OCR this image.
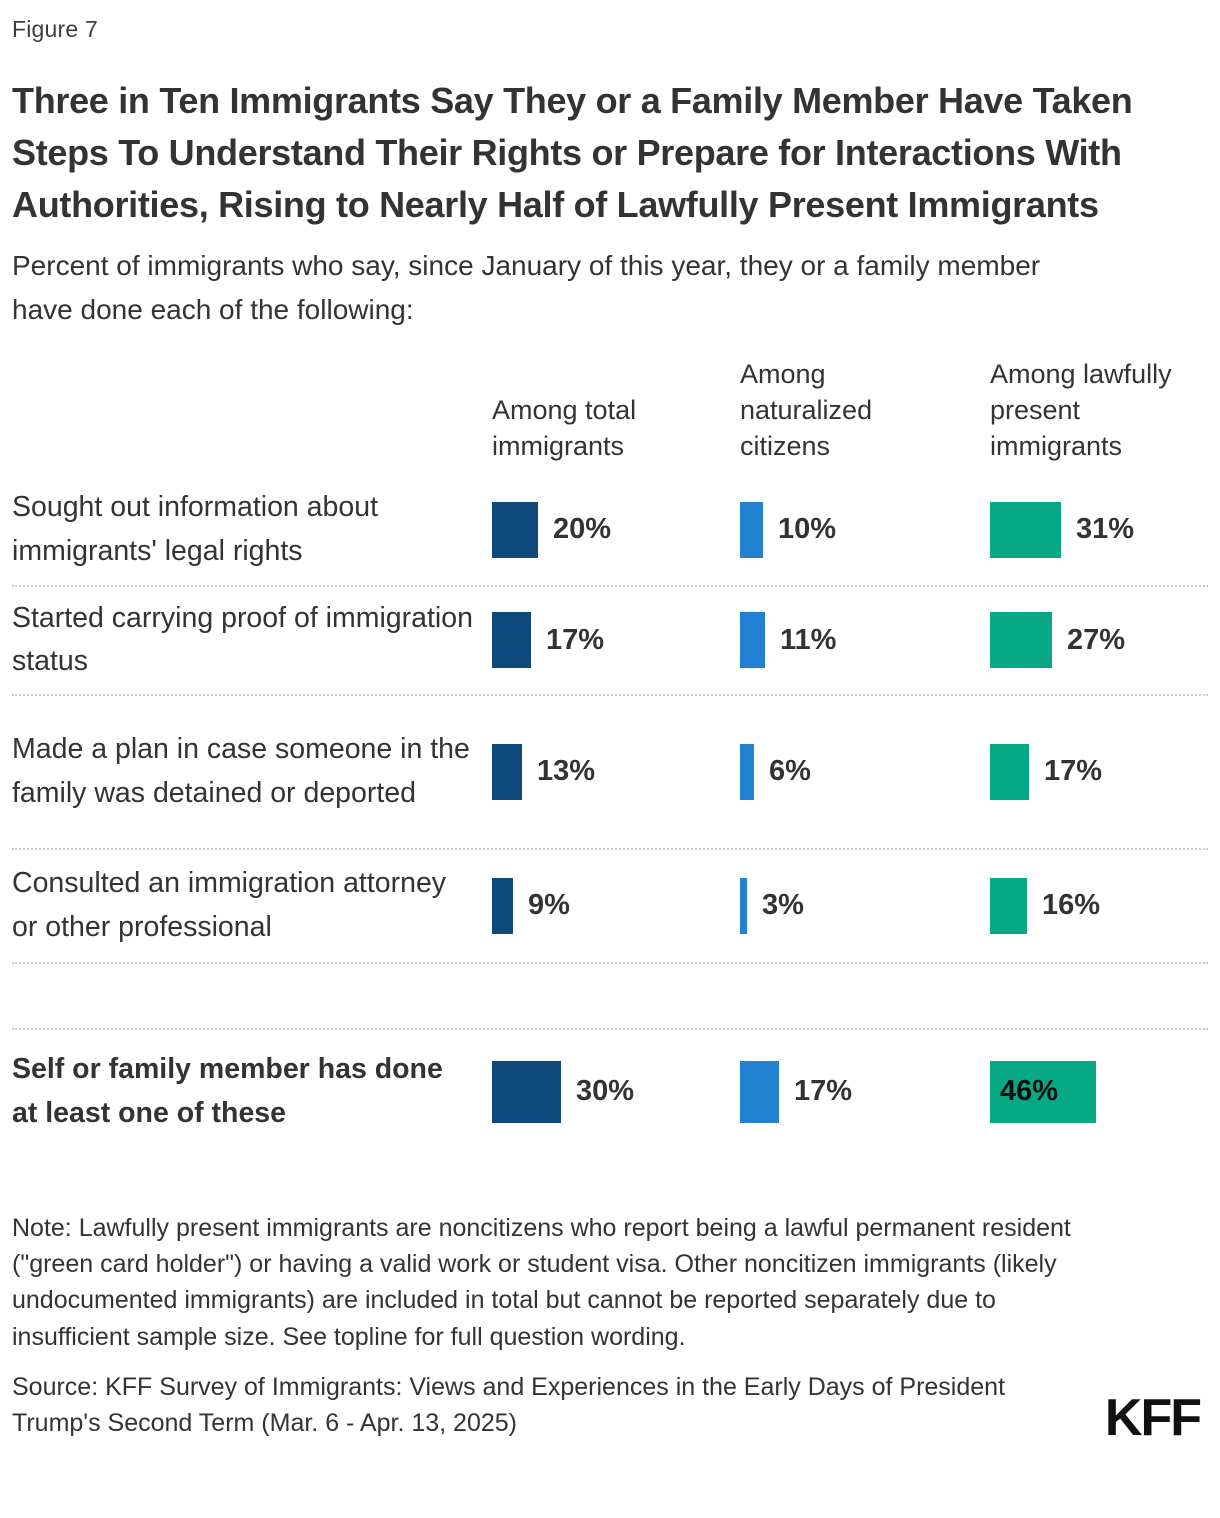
Figure 7
Three in Ten Immigrants Say They or a Family Member Have Taken Steps To Understand Their Rights or Prepare for Interactions With Authorities, Rising to Nearly Half of Lawfully Present Immigrants

Percent of immigrants who say, since January of this year, they or a family member have done each of the following:

Among total immigrants
Among naturalized citizens
Among lawfully present immigrants
Sought out information about immigrants' legal rights
20%	10%	31%
Started carrying proof of immigration status
17%	11%	27%
Made a plan in case someone in the family was detained or deported
13%	6%	17%
Consulted an immigration attorney or other professional
9%	3%	16%
Self or family member has done at least one of these
30%	17%	46%

Note: Lawfully present immigrants are noncitizens who report being a lawful permanent resident ("green card holder") or having a valid work or student visa. Other noncitizen immigrants (likely undocumented immigrants) are included in total but cannot be reported separately due to insufficient sample size. See topline for full question wording.

Source: KFF Survey of Immigrants: Views and Experiences in the Early Days of President Trump's Second Term (Mar. 6 - Apr. 13, 2025)	KFF
